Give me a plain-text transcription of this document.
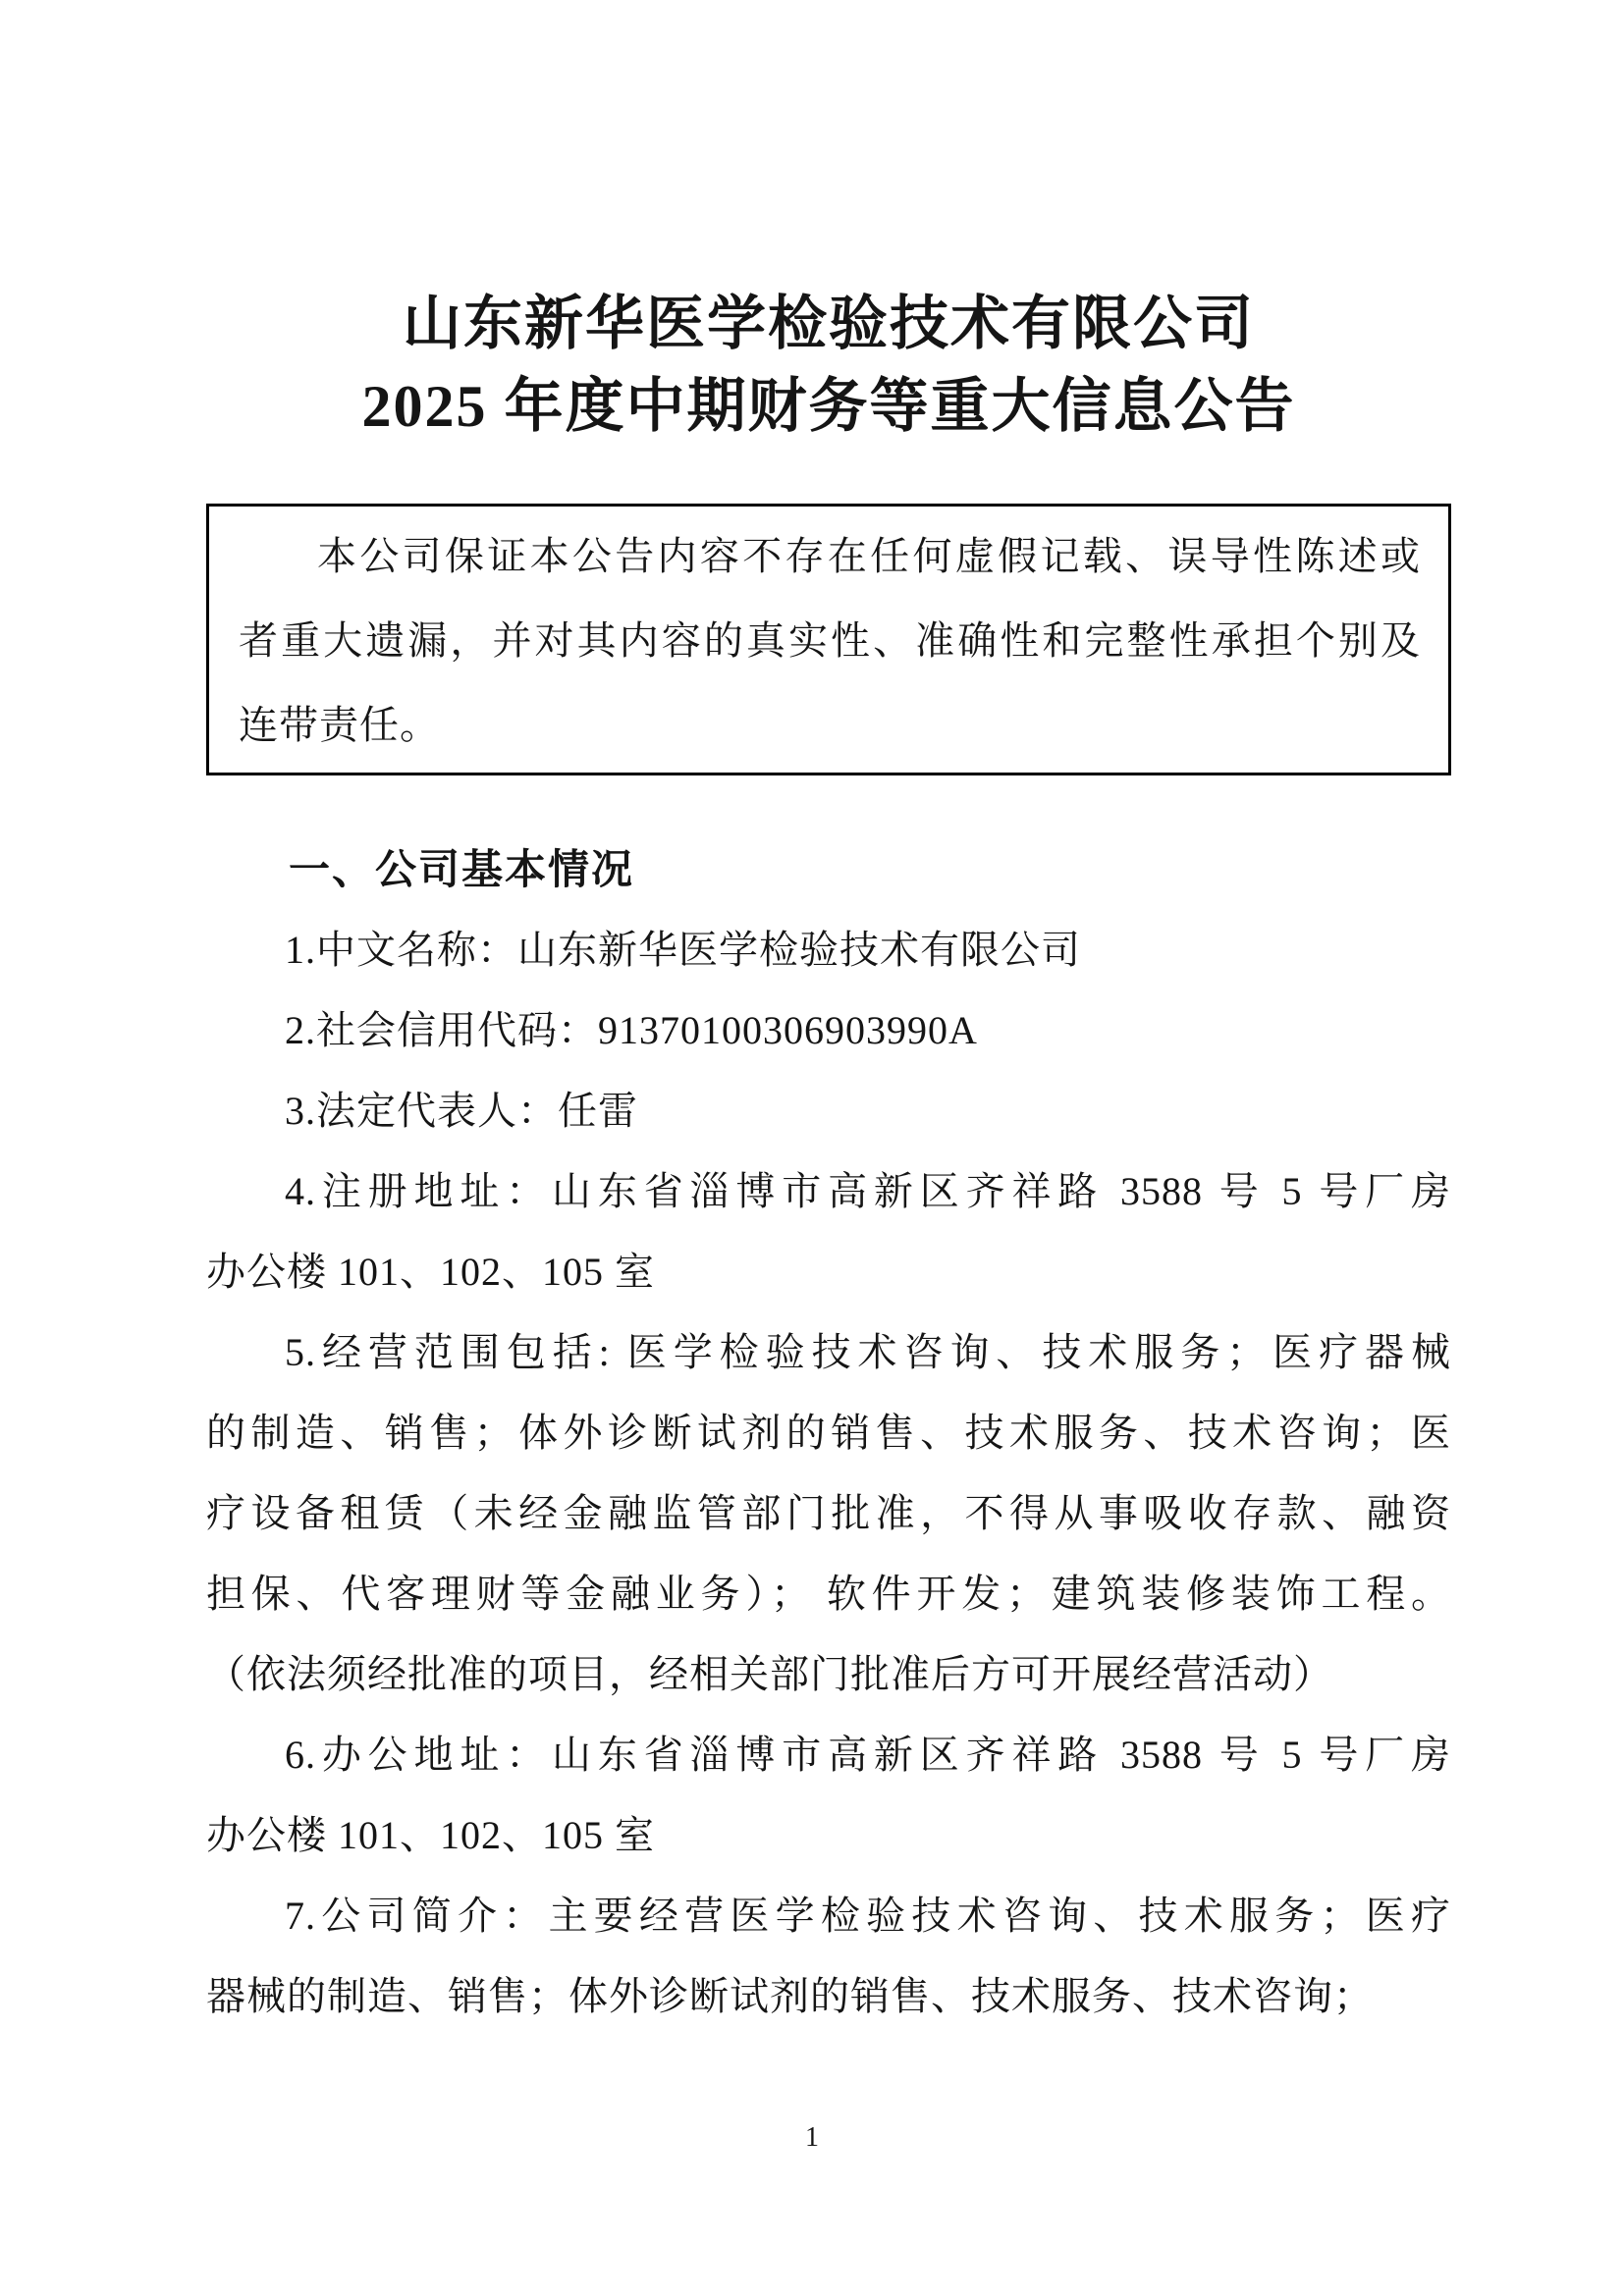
山东新华医学检验技术有限公司
2025 年度中期财务等重大信息公告
本公司保证本公告内容不存在任何虚假记载、误导性陈述或
者重大遗漏，并对其内容的真实性、准确性和完整性承担个别及
连带责任。
一、公司基本情况
1.中文名称：山东新华医学检验技术有限公司
2.社会信用代码：91370100306903990A
3.法定代表人：任雷
4.注册地址：山东省淄博市高新区齐祥路 3588 号 5 号厂房
办公楼 101、102、105 室
5.经营范围包括: 医学检验技术咨询、技术服务；医疗器械
的制造、销售；体外诊断试剂的销售、技术服务、技术咨询；医
疗设备租赁（未经金融监管部门批准，不得从事吸收存款、融资
担保、代客理财等金融业务）； 软件开发；建筑装修装饰工程。
（依法须经批准的项目，经相关部门批准后方可开展经营活动）
6.办公地址：山东省淄博市高新区齐祥路 3588 号 5 号厂房
办公楼 101、102、105 室
7.公司简介：主要经营医学检验技术咨询、技术服务；医疗
器械的制造、销售；体外诊断试剂的销售、技术服务、技术咨询；
1
